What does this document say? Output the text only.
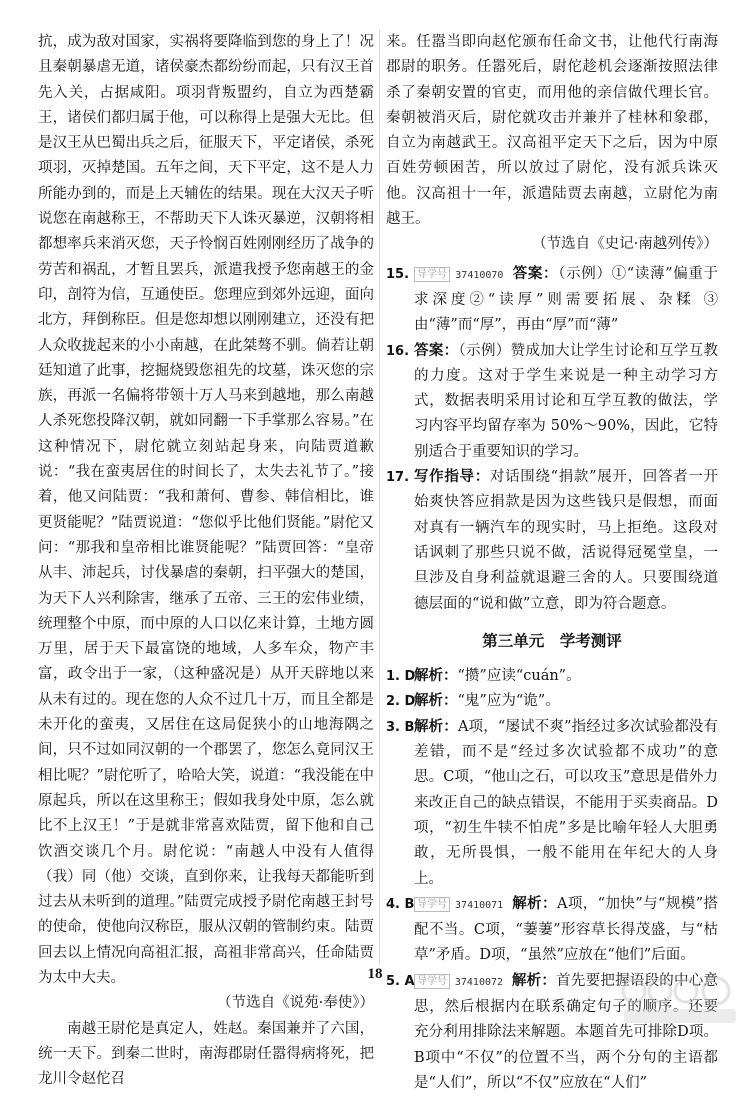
抗，成为敌对国家，实祸将要降临到您的身上了！况且秦朝暴虐无道，诸侯豪杰都纷纷而起，只有汉王首先入关，占据咸阳。项羽背叛盟约，自立为西楚霸王，诸侯们都归属于他，可以称得上是强大无比。但是汉王从巴蜀出兵之后，征服天下，平定诸侯，杀死项羽，灭掉楚国。五年之间，天下平定，这不是人力所能办到的，而是上天辅佐的结果。现在大汉天子听说您在南越称王，不帮助天下人诛灭暴逆，汉朝将相都想率兵来消灭您，天子怜悯百姓刚刚经历了战争的劳苦和祸乱，才暂且罢兵，派遣我授予您南越王的金印，剖符为信，互通使臣。您理应到郊外远迎，面向北方，拜倒称臣。但是您却想以刚刚建立，还没有把人众收拢起来的小小南越，在此桀骜不驯。倘若让朝廷知道了此事，挖掘烧毁您祖先的坟墓，诛灭您的宗族，再派一名偏将带领十万人马来到越地，那么南越人杀死您投降汉朝，就如同翻一下手掌那么容易。”在这种情况下，尉佗就立刻站起身来，向陆贾道歉说：“我在蛮夷居住的时间长了，太失去礼节了。”接着，他又问陆贾：“我和萧何、曹参、韩信相比，谁更贤能呢？”陆贾说道：“您似乎比他们贤能。”尉佗又问：“那我和皇帝相比谁贤能呢？”陆贾回答：“皇帝从丰、沛起兵，讨伐暴虐的秦朝，扫平强大的楚国，为天下人兴利除害，继承了五帝、三王的宏伟业绩，统理整个中原，而中原的人口以亿来计算，土地方圆万里，居于天下最富饶的地域，人多车众，物产丰富，政令出于一家，（这种盛况是）从开天辟地以来从未有过的。现在您的人众不过几十万，而且全都是未开化的蛮夷，又居住在这局促狭小的山地海隅之间，只不过如同汉朝的一个郡罢了，您怎么竟同汉王相比呢？”尉佗听了，哈哈大笑，说道：“我没能在中原起兵，所以在这里称王；假如我身处中原，怎么就比不上汉王！”于是就非常喜欢陆贾，留下他和自己饮酒交谈几个月。尉佗说：“南越人中没有人值得（我）同（他）交谈，直到你来，让我每天都能听到过去从未听到的道理。”陆贾完成授予尉佗南越王封号的使命，使他向汉称臣，服从汉朝的管制约束。陆贾回去以上情况向高祖汇报，高祖非常高兴，任命陆贾为太中大夫。

（节选自《说苑·奉使》）

南越王尉佗是真定人，姓赵。秦国兼并了六国，统一天下。到秦二世时，南海郡尉任嚣得病将死，把龙川令赵佗召

来。任嚣当即向赵佗颁布任命文书，让他代行南海郡尉的职务。任嚣死后，尉佗趁机会逐渐按照法律杀了秦朝安置的官吏，而用他的亲信做代理长官。秦朝被消灭后，尉佗就攻击并兼并了桂林和象郡，自立为南越武王。汉高祖平定天下之后，因为中原百姓劳顿困苦，所以放过了尉佗，没有派兵诛灭他。汉高祖十一年，派遣陆贾去南越，立尉佗为南越王。

（节选自《史记·南越列传》）

15. 导学号 37410070 答案：（示例）①“读薄”偏重于求深度②“读厚”则需要拓展、杂糅 ③由“薄”而“厚”，再由“厚”而“薄”
16. 答案：（示例）赞成加大让学生讨论和互学互教的力度。这对于学生来说是一种主动学习方式，数据表明采用讨论和互学互教的做法，学习内容平均留存率为 50%～90%，因此，它特别适合于重要知识的学习。
17. 写作指导：对话围绕“捐款”展开，回答者一开始爽快答应捐款是因为这些钱只是假想，而面对真有一辆汽车的现实时，马上拒绝。这段对话讽刺了那些只说不做，活说得冠冕堂皇，一旦涉及自身利益就退避三舍的人。只要围绕道德层面的“说和做”立意，即为符合题意。
第三单元　学考测评
1. D
解析：“攒”应读“cuán”。
2. D
解析：“鬼”应为“诡”。
3. B 解析：A项，“屡试不爽”指经过多次试验都没有差错，而不是“经过多次试验都不成功”的意思。C项，“他山之石，可以攻玉”意思是借外力来改正自己的缺点错误，不能用于买卖商品。D项，“初生牛犊不怕虎”多是比喻年轻人大胆勇敢，无所畏惧，一般不能用在年纪大的人身上。
4. B 导学号 37410071 解析：A项，“加快”与“规模”搭配不当。C项，“萋萋”形容草长得茂盛，与“枯草”矛盾。D项，“虽然”应放在“他们”后面。
5. A 导学号 37410072 解析：首先要把握语段的中心意思，然后根据内在联系确定句子的顺序。还要充分利用排除法来解题。本题首先可排除D项。B项中“不仅”的位置不当，两个分句的主语都是“人们”，所以“不仅”应放在“人们”
18
